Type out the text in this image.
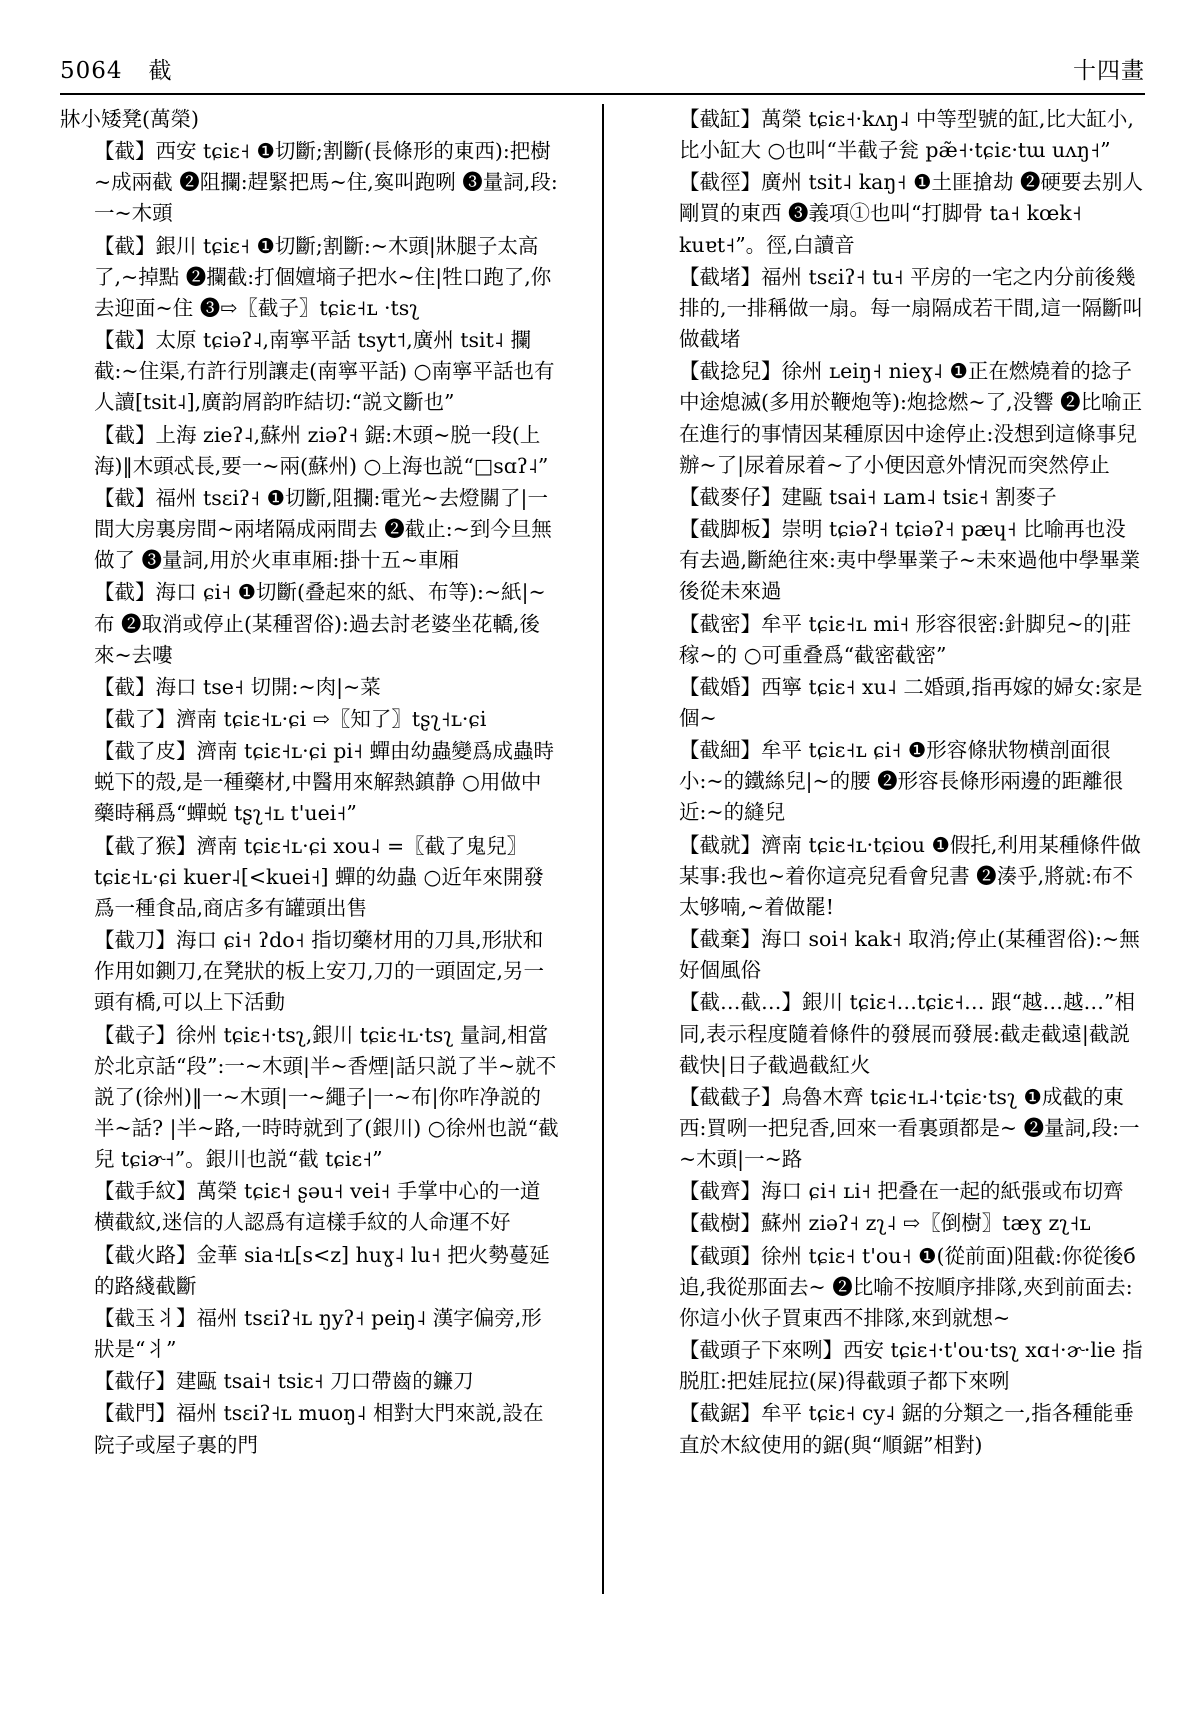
5064 截	十四畫
牀小矮凳(萬榮)
【截】西安 tɕiɛ˧ ❶切斷;割斷(長條形的東西):把樹~成兩截 ❷阻攔:趕緊把馬~住,寏叫跑咧 ❸量詞,段:一~木頭
【截】銀川 tɕiɛ˧ ❶切斷;割斷:~木頭|牀腿子太高了,~掉點 ❷攔截:打個嬗墒子把水~住|牲口跑了,你去迎面~住 ❸⇨〖截子〗tɕiɛ˧ʟ ·tsʅ
【截】太原 tɕiəʔ˨,南寧平話 tsyt˦,廣州 tsit˨ 攔截:~住渠,冇許行別讓走(南寧平話) ○南寧平話也有人讀[tsit˨],廣韵屑韵昨結切:“説文斷也”
【截】上海 zieʔ˨,蘇州 ziəʔ˧ 鋸:木頭~脱一段(上海)‖木頭忒長,要一~兩(蘇州) ○上海也説“□sɑʔ˨”
【截】福州 tsɛiʔ˧ ❶切斷,阻攔:電光~去燈關了|一間大房裏房間~兩堵隔成兩間去 ❷截止:~到今旦無做了 ❸量詞,用於火車車厢:掛十五~車厢
【截】海口 ɕi˧ ❶切斷(叠起來的紙、布等):~紙|~布 ❷取消或停止(某種習俗):過去討老婆坐花轎,後來~去嘍
【截】海口 tse˧ 切開:~肉|~菜
【截了】濟南 tɕiɛ˧ʟ·ɕi ⇨〖知了〗tʂʅ˧ʟ·ɕi
【截了皮】濟南 tɕiɛ˧ʟ·ɕi pi˧ 蟬由幼蟲變爲成蟲時蜕下的殻,是一種藥材,中醫用來解熱鎮静 ○用做中藥時稱爲“蟬蜕 tʂʅ˧ʟ t'uei˧”
【截了猴】濟南 tɕiɛ˧ʟ·ɕi xou˨ =〖截了鬼兒〗tɕiɛ˧ʟ·ɕi kuer˨[<kuei˧] 蟬的幼蟲 ○近年來開發爲一種食品,商店多有罐頭出售
【截刀】海口 ɕi˧ ʔdo˧ 指切藥材用的刀具,形狀和作用如鍘刀,在凳狀的板上安刀,刀的一頭固定,另一頭有橋,可以上下活動
【截子】徐州 tɕiɛ˧·tsʅ,銀川 tɕiɛ˧ʟ·tsʅ 量詞,相當於北京話“段”:一~木頭|半~香煙|話只説了半~就不説了(徐州)‖一~木頭|一~繩子|一~布|你咋净説的半~話? |半~路,一時時就到了(銀川) ○徐州也説“截兒 tɕiɚ˧”。銀川也説“截 tɕiɛ˧”
【截手紋】萬榮 tɕiɛ˧ ʂəu˧ vei˧ 手掌中心的一道横截紋,迷信的人認爲有這樣手紋的人命運不好
【截火路】金華 sia˧ʟ[s<z] huɣ˨ lu˧ 把火勢蔓延的路綫截斷
【截玉丬】福州 tsɛiʔ˧ʟ ŋyʔ˧ peiŋ˨ 漢字偏旁,形狀是“丬”
【截仔】建甌 tsai˧ tsiɛ˧ 刀口帶齒的鐮刀
【截門】福州 tsɛiʔ˧ʟ muoŋ˨ 相對大門來説,設在院子或屋子裏的門
【截缸】萬榮 tɕiɛ˧·kʌŋ˨ 中等型號的缸,比大缸小,比小缸大 ○也叫“半截子瓮 pæ̃˧·tɕiɛ·tɯ uʌŋ˧”
【截徑】廣州 tsit˨ kaŋ˧ ❶土匪搶劫 ❷硬要去别人剛買的東西 ❸義項①也叫“打脚骨 ta˧ kœk˧ kuɐt˧”。徑,白讀音
【截堵】福州 tsɛiʔ˧ tu˧ 平房的一宅之内分前後幾排的,一排稱做一扇。每一扇隔成若干間,這一隔斷叫做截堵
【截捻兒】徐州 ʟeiŋ˧ nieɣ˨ ❶正在燃燒着的捻子中途熄滅(多用於鞭炮等):炮捻燃~了,没響 ❷比喻正在進行的事情因某種原因中途停止:没想到這條事兒辦~了|尿着尿着~了小便因意外情況而突然停止
【截麥仔】建甌 tsai˧ ʟam˨ tsiɛ˧ 割麥子
【截脚板】崇明 tɕiəʔ˧ tɕiəʔ˧ pæɥ˧ 比喻再也没有去過,斷絶往來:夷中學畢業子~未來過他中學畢業後從未來過
【截密】牟平 tɕiɛ˧ʟ mi˧ 形容很密:針脚兒~的|莊稼~的 ○可重叠爲“截密截密”
【截婚】西寧 tɕiɛ˧ xu˨ 二婚頭,指再嫁的婦女:家是個~
【截細】牟平 tɕiɛ˧ʟ ɕi˧ ❶形容條狀物横剖面很小:~的鐵絲兒|~的腰 ❷形容長條形兩邊的距離很近:~的縫兒
【截就】濟南 tɕiɛ˧ʟ·tɕiou ❶假托,利用某種條件做某事:我也~着你這亮兒看會兒書 ❷湊乎,將就:布不太够喃,~着做罷!
【截棄】海口 soi˧ kak˧ 取消;停止(某種習俗):~無好個風俗
【截…截…】銀川 tɕiɛ˧…tɕiɛ˧… 跟“越…越…”相同,表示程度隨着條件的發展而發展:截走截遠|截説截快|日子截過截紅火
【截截子】烏魯木齊 tɕiɛ˧ʟ˨·tɕiɛ·tsʅ ❶成截的東西:買咧一把兒香,回來一看裏頭都是~ ❷量詞,段:一~木頭|一~路
【截齊】海口 ɕi˧ ʟi˧ 把叠在一起的紙張或布切齊
【截樹】蘇州 ziəʔ˧ zʅ˨ ⇨〖倒樹〗tæɣ zʅ˧ʟ
【截頭】徐州 tɕiɛ˧ t'ou˧ ❶(從前面)阻截:你從後б追,我從那面去~ ❷比喻不按順序排隊,夾到前面去:你這小伙子買東西不排隊,來到就想~
【截頭子下來咧】西安 tɕiɛ˧·t'ou·tsʅ xɑ˧·ɚ·lie 指脱肛:把娃屁拉(屎)得截頭子都下來咧
【截鋸】牟平 tɕiɛ˧ cy˨ 鋸的分類之一,指各種能垂直於木紋使用的鋸(與“順鋸”相對)
